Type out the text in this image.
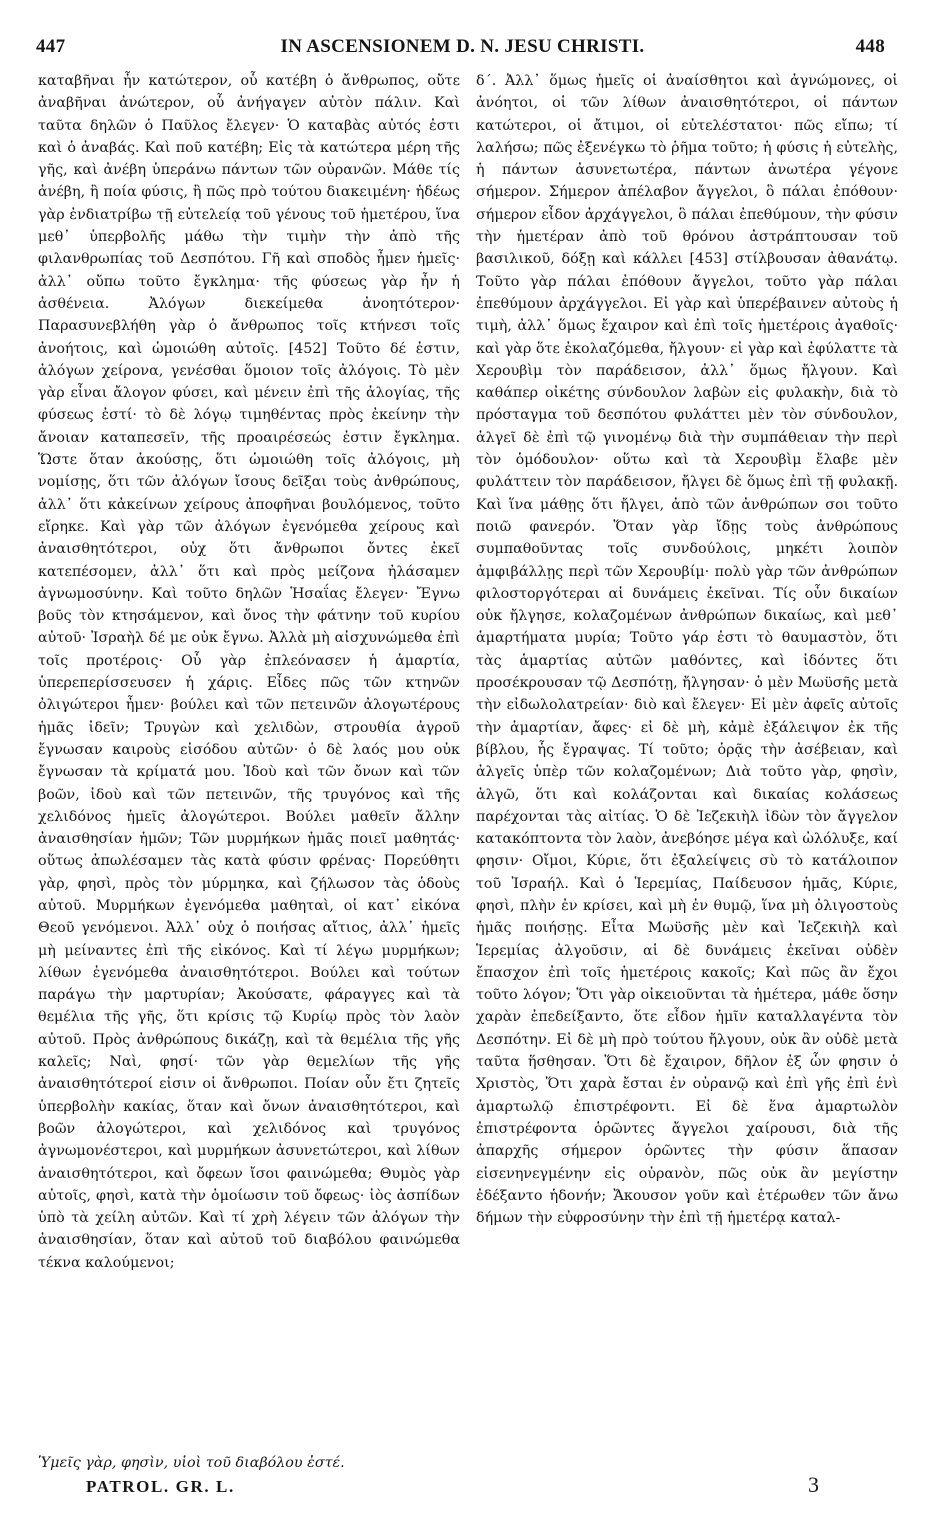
447	IN ASCENSIONEM D. N. JESU CHRISTI.	448

καταβῆναι ἦν κατώτερον, οὗ κατέβη ὁ ἄνθρωπος, οὔτε ἀναβῆναι ἀνώτερον, οὗ ἀνήγαγεν αὐτὸν πάλιν. Καὶ ταῦτα δηλῶν ὁ Παῦλος ἔλεγεν· Ὁ καταβὰς αὐτός ἐστι καὶ ὁ ἀναβάς. Καὶ ποῦ κατέβη; Εἰς τὰ κατώτερα μέρη τῆς γῆς, καὶ ἀνέβη ὑπεράνω πάντων τῶν οὐρανῶν. Μάθε τίς ἀνέβη, ἢ ποία φύσις, ἢ πῶς πρὸ τούτου διακειμένη· ἡδέως γὰρ ἐνδιατρίβω τῇ εὐτελείᾳ τοῦ γένους τοῦ ἡμετέρου, ἵνα μεθ᾽ ὑπερβολῆς μάθω τὴν τιμὴν τὴν ἀπὸ τῆς φιλανθρωπίας τοῦ Δεσπότου. Γῆ καὶ σποδὸς ἦμεν ἡμεῖς· ἀλλ᾽ οὔπω τοῦτο ἔγκλημα· τῆς φύσεως γὰρ ἦν ἡ ἀσθένεια. Ἀλόγων διεκείμεθα ἀνοητότερον· Παρασυνεβλήθη γὰρ ὁ ἄνθρωπος τοῖς κτήνεσι τοῖς ἀνοήτοις, καὶ ὡμοιώθη αὐτοῖς. [452] Τοῦτο δέ ἐστιν, ἀλόγων χείρονα, γενέσθαι ὅμοιον τοῖς ἀλόγοις. Τὸ μὲν γὰρ εἶναι ἄλογον φύσει, καὶ μένειν ἐπὶ τῆς ἀλογίας, τῆς φύσεως ἐστί· τὸ δὲ λόγῳ τιμηθέντας πρὸς ἐκείνην τὴν ἄνοιαν καταπεσεῖν, τῆς προαιρέσεώς ἐστιν ἔγκλημα. Ὥστε ὅταν ἀκούσῃς, ὅτι ὡμοιώθη τοῖς ἀλόγοις, μὴ νομίσῃς, ὅτι τῶν ἀλόγων ἴσους δεῖξαι τοὺς ἀνθρώπους, ἀλλ᾽ ὅτι κἀκείνων χείρους ἀποφῆναι βουλόμενος, τοῦτο εἴρηκε. Καὶ γὰρ τῶν ἀλόγων ἐγενόμεθα χείρους καὶ ἀναισθητότεροι, οὐχ ὅτι ἄνθρωποι ὄντες ἐκεῖ κατεπέσομεν, ἀλλ᾽ ὅτι καὶ πρὸς μείζονα ἠλάσαμεν ἀγνωμοσύνην. Καὶ τοῦτο δηλῶν Ἡσαΐας ἔλεγεν· Ἔγνω βοῦς τὸν κτησάμενον, καὶ ὄνος τὴν φάτνην τοῦ κυρίου αὐτοῦ· Ἰσραὴλ δέ με οὐκ ἔγνω. Ἀλλὰ μὴ αἰσχυνώμεθα ἐπὶ τοῖς προτέροις· Οὗ γὰρ ἐπλεόνασεν ἡ ἁμαρτία, ὑπερεπερίσσευσεν ἡ χάρις. Εἶδες πῶς τῶν κτηνῶν ὀλιγώτεροι ἦμεν· βούλει καὶ τῶν πετεινῶν ἀλογωτέρους ἡμᾶς ἰδεῖν; Τρυγὼν καὶ χελιδὼν, στρουθία ἀγροῦ ἔγνωσαν καιροὺς εἰσόδου αὐτῶν· ὁ δὲ λαός μου οὐκ ἔγνωσαν τὰ κρίματά μου. Ἰδοὺ καὶ τῶν ὄνων καὶ τῶν βοῶν, ἰδοὺ καὶ τῶν πετεινῶν, τῆς τρυγόνος καὶ τῆς χελιδόνος ἡμεῖς ἀλογώτεροι. Βούλει μαθεῖν ἄλλην ἀναισθησίαν ἡμῶν; Τῶν μυρμήκων ἡμᾶς ποιεῖ μαθητάς· οὕτως ἀπωλέσαμεν τὰς κατὰ φύσιν φρένας· Πορεύθητι γὰρ, φησὶ, πρὸς τὸν μύρμηκα, καὶ ζήλωσον τὰς ὁδοὺς αὐτοῦ. Μυρμήκων ἐγενόμεθα μαθηταὶ, οἱ κατ᾽ εἰκόνα Θεοῦ γενόμενοι. Ἀλλ᾽ οὐχ ὁ ποιήσας αἴτιος, ἀλλ᾽ ἡμεῖς μὴ μείναντες ἐπὶ τῆς εἰκόνος. Καὶ τί λέγω μυρμήκων; λίθων ἐγενόμεθα ἀναισθητότεροι. Βούλει καὶ τούτων παράγω τὴν μαρτυρίαν; Ἀκούσατε, φάραγγες καὶ τὰ θεμέλια τῆς γῆς, ὅτι κρίσις τῷ Κυρίῳ πρὸς τὸν λαὸν αὐτοῦ. Πρὸς ἀνθρώπους δικάζῃ, καὶ τὰ θεμέλια τῆς γῆς καλεῖς; Ναὶ, φησί· τῶν γὰρ θεμελίων τῆς γῆς ἀναισθητότεροί εἰσιν οἱ ἄνθρωποι. Ποίαν οὖν ἔτι ζητεῖς ὑπερβολὴν κακίας, ὅταν καὶ ὄνων ἀναισθητότεροι, καὶ βοῶν ἀλογώτεροι, καὶ χελιδόνος καὶ τρυγόνος ἀγνωμονέστεροι, καὶ μυρμήκων ἀσυνετώτεροι, καὶ λίθων ἀναισθητότεροι, καὶ ὄφεων ἴσοι φαινώμεθα; Θυμὸς γὰρ αὐτοῖς, φησὶ, κατὰ τὴν ὁμοίωσιν τοῦ ὄφεως· ἰὸς ἀσπίδων ὑπὸ τὰ χείλη αὐτῶν. Καὶ τί χρὴ λέγειν τῶν ἀλόγων τὴν ἀναισθησίαν, ὅταν καὶ αὐτοῦ τοῦ διαβόλου φαινώμεθα τέκνα καλούμενοι;

δ΄. Ἀλλ᾽ ὅμως ἡμεῖς οἱ ἀναίσθητοι καὶ ἀγνώμονες, οἱ ἀνόητοι, οἱ τῶν λίθων ἀναισθητότεροι, οἱ πάντων κατώτεροι, οἱ ἄτιμοι, οἱ εὐτελέστατοι· πῶς εἴπω; τί λαλήσω; πῶς ἐξενέγκω τὸ ῥῆμα τοῦτο; ἡ φύσις ἡ εὐτελὴς, ἡ πάντων ἀσυνετωτέρα, πάντων ἀνωτέρα γέγονε σήμερον. Σήμερον ἀπέλαβον ἄγγελοι, ὃ πάλαι ἐπόθουν· σήμερον εἶδον ἀρχάγγελοι, ὃ πάλαι ἐπεθύμουν, τὴν φύσιν τὴν ἡμετέραν ἀπὸ τοῦ θρόνου ἀστράπτουσαν τοῦ βασιλικοῦ, δόξῃ καὶ κάλλει [453] στίλβουσαν ἀθανάτῳ. Τοῦτο γὰρ πάλαι ἐπόθουν ἄγγελοι, τοῦτο γὰρ πάλαι ἐπεθύμουν ἀρχάγγελοι. Εἰ γὰρ καὶ ὑπερέβαινεν αὐτοὺς ἡ τιμὴ, ἀλλ᾽ ὅμως ἔχαιρον καὶ ἐπὶ τοῖς ἡμετέροις ἀγαθοῖς· καὶ γὰρ ὅτε ἐκολαζόμεθα, ἤλγουν· εἰ γὰρ καὶ ἐφύλαττε τὰ Χερουβὶμ τὸν παράδεισον, ἀλλ᾽ ὅμως ἤλγουν. Καὶ καθάπερ οἰκέτης σύνδουλον λαβὼν εἰς φυλακὴν, διὰ τὸ πρόσταγμα τοῦ δεσπότου φυλάττει μὲν τὸν σύνδουλον, ἀλγεῖ δὲ ἐπὶ τῷ γινομένῳ διὰ τὴν συμπάθειαν τὴν περὶ τὸν ὁμόδουλον· οὕτω καὶ τὰ Χερουβὶμ ἔλαβε μὲν φυλάττειν τὸν παράδεισον, ἤλγει δὲ ὅμως ἐπὶ τῇ φυλακῇ. Καὶ ἵνα μάθῃς ὅτι ἤλγει, ἀπὸ τῶν ἀνθρώπων σοι τοῦτο ποιῶ φανερόν. Ὅταν γὰρ ἴδῃς τοὺς ἀνθρώπους συμπαθοῦντας τοῖς συνδούλοις, μηκέτι λοιπὸν ἀμφιβάλλῃς περὶ τῶν Χερουβίμ· πολὺ γὰρ τῶν ἀνθρώπων φιλοστοργότεραι αἱ δυνάμεις ἐκεῖναι. Τίς οὖν δικαίων οὐκ ἤλγησε, κολαζομένων ἀνθρώπων δικαίως, καὶ μεθ᾽ ἁμαρτήματα μυρία; Τοῦτο γάρ ἐστι τὸ θαυμαστὸν, ὅτι τὰς ἁμαρτίας αὐτῶν μαθόντες, καὶ ἰδόντες ὅτι προσέκρουσαν τῷ Δεσπότῃ, ἤλγησαν· ὁ μὲν Μωϋσῆς μετὰ τὴν εἰδωλολατρείαν· διὸ καὶ ἔλεγεν· Εἰ μὲν ἀφεῖς αὐτοῖς τὴν ἁμαρτίαν, ἄφες· εἰ δὲ μὴ, κἀμὲ ἐξάλειψον ἐκ τῆς βίβλου, ἧς ἔγραψας. Τί τοῦτο; ὁρᾷς τὴν ἀσέβειαν, καὶ ἀλγεῖς ὑπὲρ τῶν κολαζομένων; Διὰ τοῦτο γὰρ, φησὶν, ἀλγῶ, ὅτι καὶ κολάζονται καὶ δικαίας κολάσεως παρέχονται τὰς αἰτίας. Ὁ δὲ Ἰεζεκιὴλ ἰδὼν τὸν ἄγγελον κατακόπτοντα τὸν λαὸν, ἀνεβόησε μέγα καὶ ὠλόλυξε, καί φησιν· Οἴμοι, Κύριε, ὅτι ἐξαλείψεις σὺ τὸ κατάλοιπον τοῦ Ἰσραήλ. Καὶ ὁ Ἱερεμίας, Παίδευσον ἡμᾶς, Κύριε, φησὶ, πλὴν ἐν κρίσει, καὶ μὴ ἐν θυμῷ, ἵνα μὴ ὀλιγοστοὺς ἡμᾶς ποιήσῃς. Εἶτα Μωϋσῆς μὲν καὶ Ἰεζεκιὴλ καὶ Ἱερεμίας ἀλγοῦσιν, αἱ δὲ δυνάμεις ἐκεῖναι οὐδὲν ἔπασχον ἐπὶ τοῖς ἡμετέροις κακοῖς; Καὶ πῶς ἂν ἔχοι τοῦτο λόγον; Ὅτι γὰρ οἰκειοῦνται τὰ ἡμέτερα, μάθε ὅσην χαρὰν ἐπεδείξαντο, ὅτε εἶδον ἡμῖν καταλλαγέντα τὸν Δεσπότην. Εἰ δὲ μὴ πρὸ τούτου ἤλγουν, οὐκ ἂν οὐδὲ μετὰ ταῦτα ἥσθησαν. Ὅτι δὲ ἔχαιρον, δῆλον ἐξ ὧν φησιν ὁ Χριστὸς, Ὅτι χαρὰ ἔσται ἐν οὐρανῷ καὶ ἐπὶ γῆς ἐπὶ ἑνὶ ἁμαρτωλῷ ἐπιστρέφοντι. Εἰ δὲ ἕνα ἁμαρτωλὸν ἐπιστρέφοντα ὁρῶντες ἄγγελοι χαίρουσι, διὰ τῆς ἀπαρχῆς σήμερον ὁρῶντες τὴν φύσιν ἅπασαν εἰσενηνεγμένην εἰς οὐρανὸν, πῶς οὐκ ἂν μεγίστην ἐδέξαντο ἡδονήν; Ἄκουσον γοῦν καὶ ἑτέρωθεν τῶν ἄνω δήμων τὴν εὐφροσύνην τὴν ἐπὶ τῇ ἡμετέρᾳ καταλ-

Ὑμεῖς γὰρ, φησὶν, υἱοὶ τοῦ διαβόλου ἐστέ.
PATROL. GR. L.	3
